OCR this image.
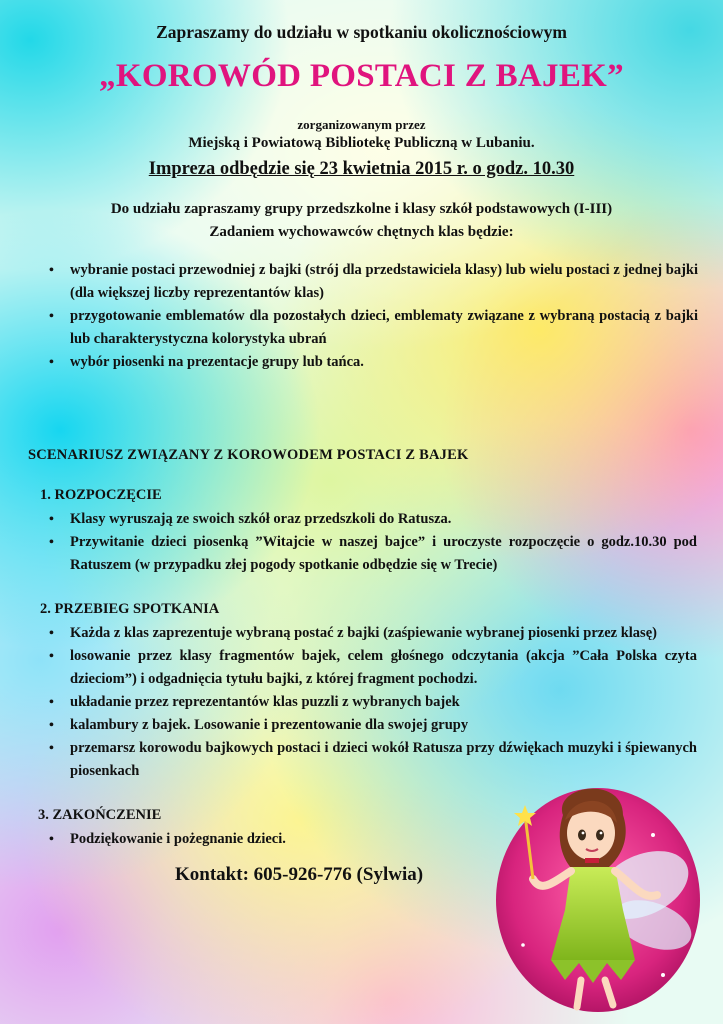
Zapraszamy do udziału w spotkaniu okolicznościowym
„KOROWÓD POSTACI Z BAJEK”
zorganizowanym przez
Miejską i Powiatową Bibliotekę Publiczną w Lubaniu.
Impreza odbędzie się 23 kwietnia 2015 r. o godz. 10.30
Do udziału zapraszamy grupy przedszkolne i klasy szkół podstawowych (I-III)
Zadaniem wychowawców chętnych klas będzie:
• wybranie postaci przewodniej z bajki (strój dla przedstawiciela klasy) lub wielu postaci z jednej bajki (dla większej liczby reprezentantów klas)
• przygotowanie emblematów dla pozostałych dzieci, emblematy związane z wybraną postacią z bajki lub charakterystyczna kolorystyka ubrań
• wybór piosenki na prezentacje grupy lub tańca.
SCENARIUSZ ZWIĄZANY Z KOROWODEM POSTACI Z BAJEK
1. ROZPOCZĘCIE
• Klasy wyruszają ze swoich szkół oraz przedszkoli do Ratusza.
• Przywitanie dzieci piosenką ”Witajcie w naszej bajce” i uroczyste rozpoczęcie o godz.10.30 pod Ratuszem (w przypadku złej pogody spotkanie odbędzie się w Trecie)
2. PRZEBIEG SPOTKANIA
• Każda z klas zaprezentuje wybraną postać z bajki (zaśpiewanie wybranej piosenki przez klasę)
• losowanie przez klasy fragmentów bajek, celem głośnego odczytania (akcja ”Cała Polska czyta dzieciom”) i odgadnięcia tytułu bajki, z której fragment pochodzi.
• układanie przez reprezentantów klas puzzli z wybranych bajek
• kalambury z bajek. Losowanie i prezentowanie dla swojej grupy
• przemarsz korowodu bajkowych postaci i dzieci wokół Ratusza przy dźwiękach muzyki i śpiewanych piosenkach
3. ZAKOŃCZENIE
• Podziękowanie i pożegnanie dzieci.
Kontakt: 605-926-776 (Sylwia)
